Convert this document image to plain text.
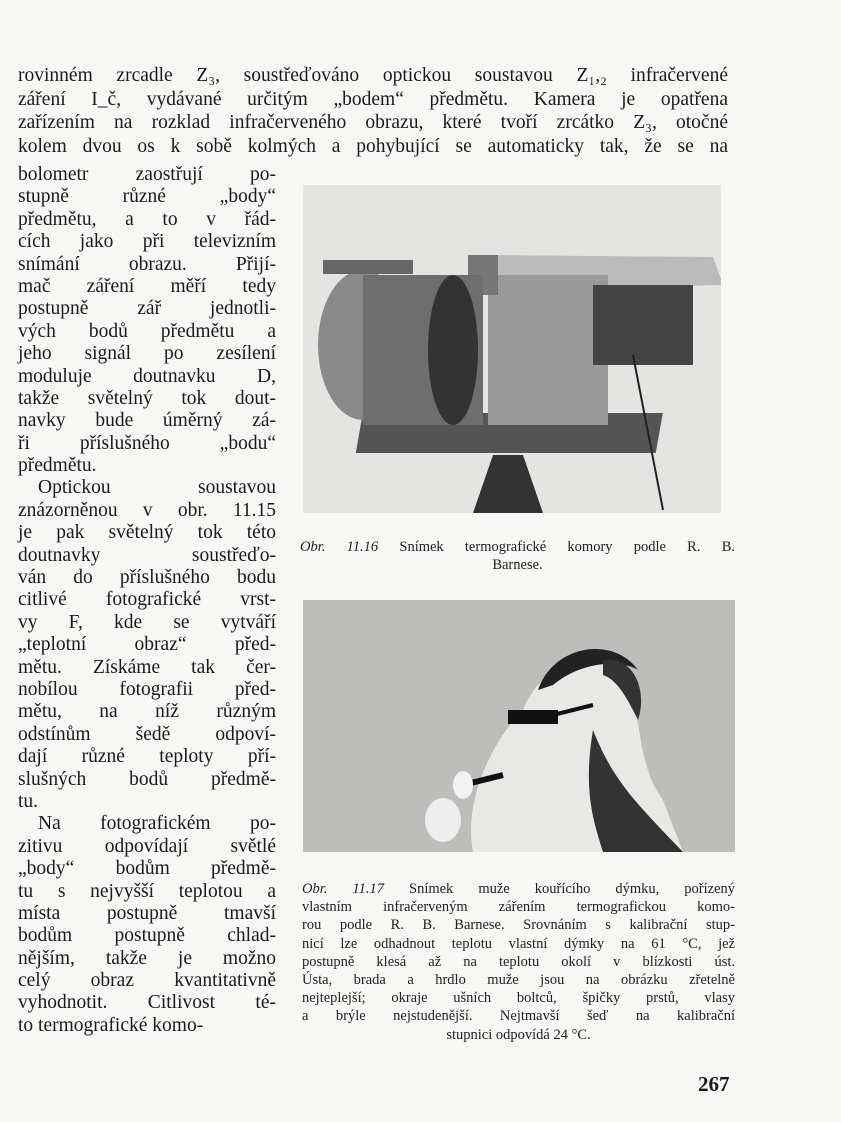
rovinném zrcadle Z₃, soustřeďováno optickou soustavou Z₁,₂ infračervené
záření I_č, vydávané určitým „bodem“ předmětu. Kamera je opatřena
zařízením na rozklad infračerveného obrazu, které tvoří zrcátko Z₃, otočné
kolem dvou os k sobě kolmých a pohybující se automaticky tak, že se na
bolometr zaostřují po-
stupně různé „body“
předmětu, a to v řád-
cích jako při televizním
snímání obrazu. Přijí-
mač záření měří tedy
postupně zář jednotli-
vých bodů předmětu a
jeho signál po zesílení
moduluje doutnavku D,
takže světelný tok dout-
navky bude úměrný zá-
ři příslušného „bodu“
předmětu.
Optickou soustavou
znázorněnou v obr. 11.15
je pak světelný tok této
doutnavky soustřeďo-
ván do příslušného bodu
citlivé fotografické vrst-
vy F, kde se vytváří
„teplotní obraz“ před-
mětu. Získáme tak čer-
nobílou fotografii před-
mětu, na níž různým
odstínům šedě odpoví-
dají různé teploty pří-
slušných bodů předmě-
tu.
Na fotografickém po-
zitivu odpovídají světlé
„body“ bodům předmě-
tu s nejvyšší teplotou a
místa postupně tmavší
bodům postupně chlad-
nějším, takže je možno
celý obraz kvantitativně
vyhodnotit. Citlivost té-
to termografické komo-
Obr. 11.16 Snímek termografické komory podle R. B.
Barnese.
Obr. 11.17 Snímek muže kouřícího dýmku, pořízený
vlastním infračerveným zářením termografickou komo-
rou podle R. B. Barnese. Srovnáním s kalibrační stup-
nicí lze odhadnout teplotu vlastní dýmky na 61 °C, jež
postupně klesá až na teplotu okolí v blízkosti úst.
Ústa, brada a hrdlo muže jsou na obrázku zřetelně
nejteplejší; okraje ušních boltců, špičky prstů, vlasy
a brýle nejstudenější. Nejtmavší šeď na kalibrační
stupnici odpovídá 24 °C.
267
